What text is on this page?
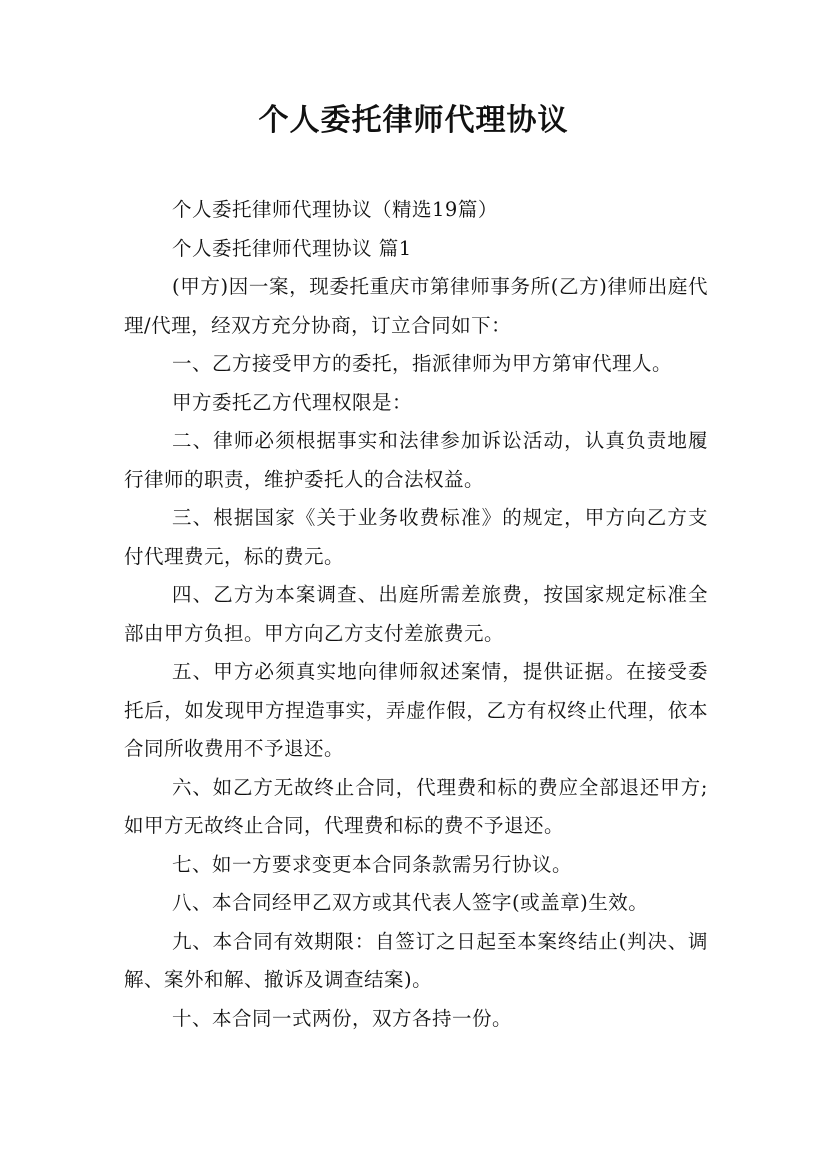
个人委托律师代理协议

个人委托律师代理协议（精选19篇）

个人委托律师代理协议 篇1

(甲方)因一案，现委托重庆市第律师事务所(乙方)律师出庭代理/代理，经双方充分协商，订立合同如下：

一、乙方接受甲方的委托，指派律师为甲方第审代理人。

甲方委托乙方代理权限是：

二、律师必须根据事实和法律参加诉讼活动，认真负责地履行律师的职责，维护委托人的合法权益。

三、根据国家《关于业务收费标准》的规定，甲方向乙方支付代理费元，标的费元。

四、乙方为本案调查、出庭所需差旅费，按国家规定标准全部由甲方负担。甲方向乙方支付差旅费元。

五、甲方必须真实地向律师叙述案情，提供证据。在接受委托后，如发现甲方捏造事实，弄虚作假，乙方有权终止代理，依本合同所收费用不予退还。

六、如乙方无故终止合同，代理费和标的费应全部退还甲方;如甲方无故终止合同，代理费和标的费不予退还。

七、如一方要求变更本合同条款需另行协议。

八、本合同经甲乙双方或其代表人签字(或盖章)生效。

九、本合同有效期限：自签订之日起至本案终结止(判决、调解、案外和解、撤诉及调查结案)。

十、本合同一式两份，双方各持一份。
